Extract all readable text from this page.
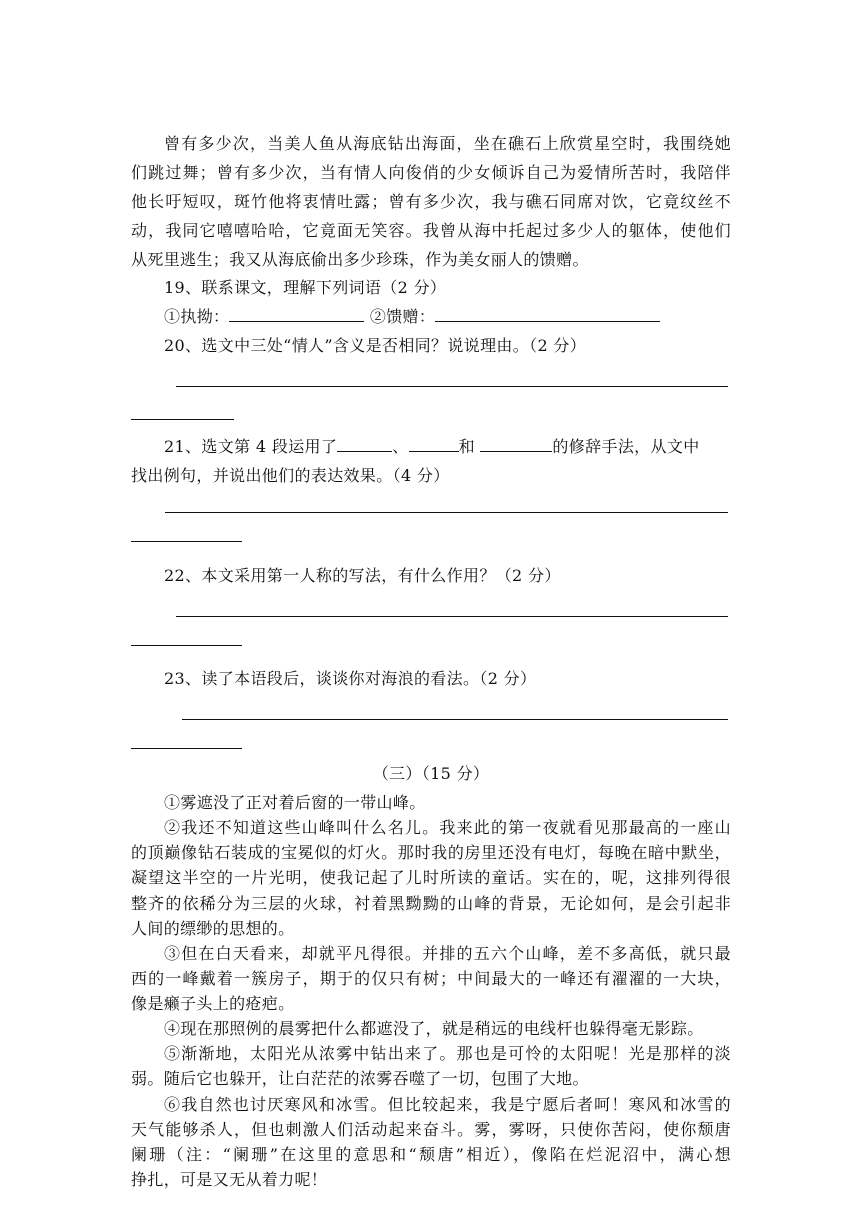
曾有多少次，当美人鱼从海底钻出海面，坐在礁石上欣赏星空时，我围绕她
们跳过舞；曾有多少次，当有情人向俊俏的少女倾诉自己为爱情所苦时，我陪伴
他长吁短叹，斑竹他将衷情吐露；曾有多少次，我与礁石同席对饮，它竟纹丝不
动，我同它嘻嘻哈哈，它竟面无笑容。我曾从海中托起过多少人的躯体，使他们
从死里逃生；我又从海底偷出多少珍珠，作为美女丽人的馈赠。
19、联系课文，理解下列词语（2 分）
①执拗：	②馈赠：
20、选文中三处“情人”含义是否相同？说说理由。（2 分）
21、选文第 4 段运用了	、	和	的修辞手法，从文中
找出例句，并说出他们的表达效果。（4 分）
22、本文采用第一人称的写法，有什么作用？（2 分）
23、读了本语段后，谈谈你对海浪的看法。（2 分）
（三）（15 分）
①雾遮没了正对着后窗的一带山峰。
②我还不知道这些山峰叫什么名儿。我来此的第一夜就看见那最高的一座山
的顶巅像钻石装成的宝冕似的灯火。那时我的房里还没有电灯，每晚在暗中默坐，
凝望这半空的一片光明，使我记起了儿时所读的童话。实在的，呢，这排列得很
整齐的依稀分为三层的火球，衬着黑黝黝的山峰的背景，无论如何，是会引起非
人间的缥缈的思想的。
③但在白天看来，却就平凡得很。并排的五六个山峰，差不多高低，就只最
西的一峰戴着一簇房子，期于的仅只有树；中间最大的一峰还有濯濯的一大块，
像是癞子头上的疮疤。
④现在那照例的晨雾把什么都遮没了，就是稍远的电线杆也躲得毫无影踪。
⑤渐渐地，太阳光从浓雾中钻出来了。那也是可怜的太阳呢！光是那样的淡
弱。随后它也躲开，让白茫茫的浓雾吞噬了一切，包围了大地。
⑥我自然也讨厌寒风和冰雪。但比较起来，我是宁愿后者呵！寒风和冰雪的
天气能够杀人，但也刺激人们活动起来奋斗。雾，雾呀，只使你苦闷，使你颓唐
阑珊（注：“阑珊”在这里的意思和“颓唐”相近），像陷在烂泥沼中，满心想
挣扎，可是又无从着力呢！
